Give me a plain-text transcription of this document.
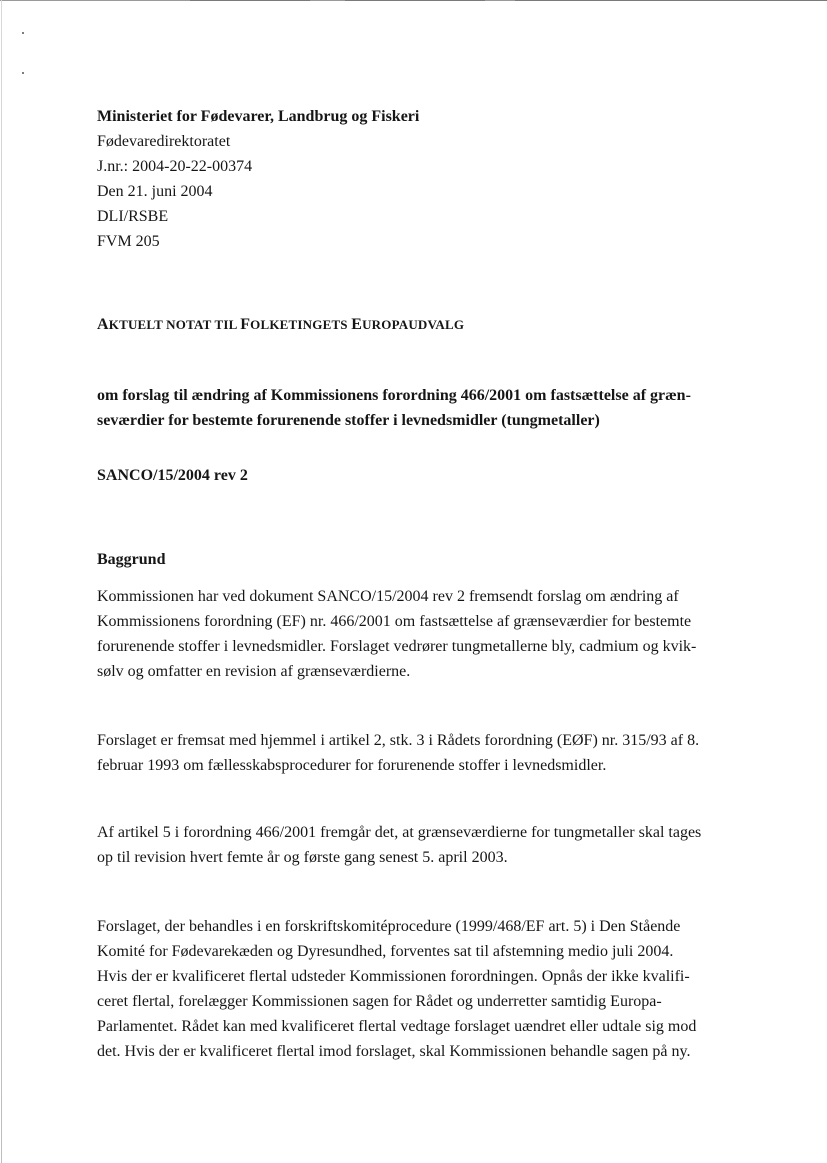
Ministeriet for Fødevarer, Landbrug og Fiskeri
Fødevaredirektoratet
J.nr.: 2004-20-22-00374
Den 21. juni 2004
DLI/RSBE
FVM 205
AKTUELT NOTAT TIL FOLKETINGETS EUROPAUDVALG
om forslag til ændring af Kommissionens forordning 466/2001 om fastsættelse af græn-
seværdier for bestemte forurenende stoffer i levnedsmidler (tungmetaller)
SANCO/15/2004 rev 2
Baggrund
Kommissionen har ved dokument SANCO/15/2004 rev 2 fremsendt forslag om ændring af
Kommissionens forordning (EF) nr. 466/2001 om fastsættelse af grænseværdier for bestemte
forurenende stoffer i levnedsmidler. Forslaget vedrører tungmetallerne bly, cadmium og kvik-
sølv og omfatter en revision af grænseværdierne.
Forslaget er fremsat med hjemmel i artikel 2, stk. 3 i Rådets forordning (EØF) nr. 315/93 af 8.
februar 1993 om fællesskabsprocedurer for forurenende stoffer i levnedsmidler.
Af artikel 5 i forordning 466/2001 fremgår det, at grænseværdierne for tungmetaller skal tages
op til revision hvert femte år og første gang senest 5. april 2003.
Forslaget, der behandles i en forskriftskomitéprocedure (1999/468/EF art. 5) i Den Stående
Komité for Fødevarekæden og Dyresundhed, forventes sat til afstemning medio juli 2004.
Hvis der er kvalificeret flertal udsteder Kommissionen forordningen. Opnås der ikke kvalifi-
ceret flertal, forelægger Kommissionen sagen for Rådet og underretter samtidig Europa-
Parlamentet. Rådet kan med kvalificeret flertal vedtage forslaget uændret eller udtale sig mod
det. Hvis der er kvalificeret flertal imod forslaget, skal Kommissionen behandle sagen på ny.
